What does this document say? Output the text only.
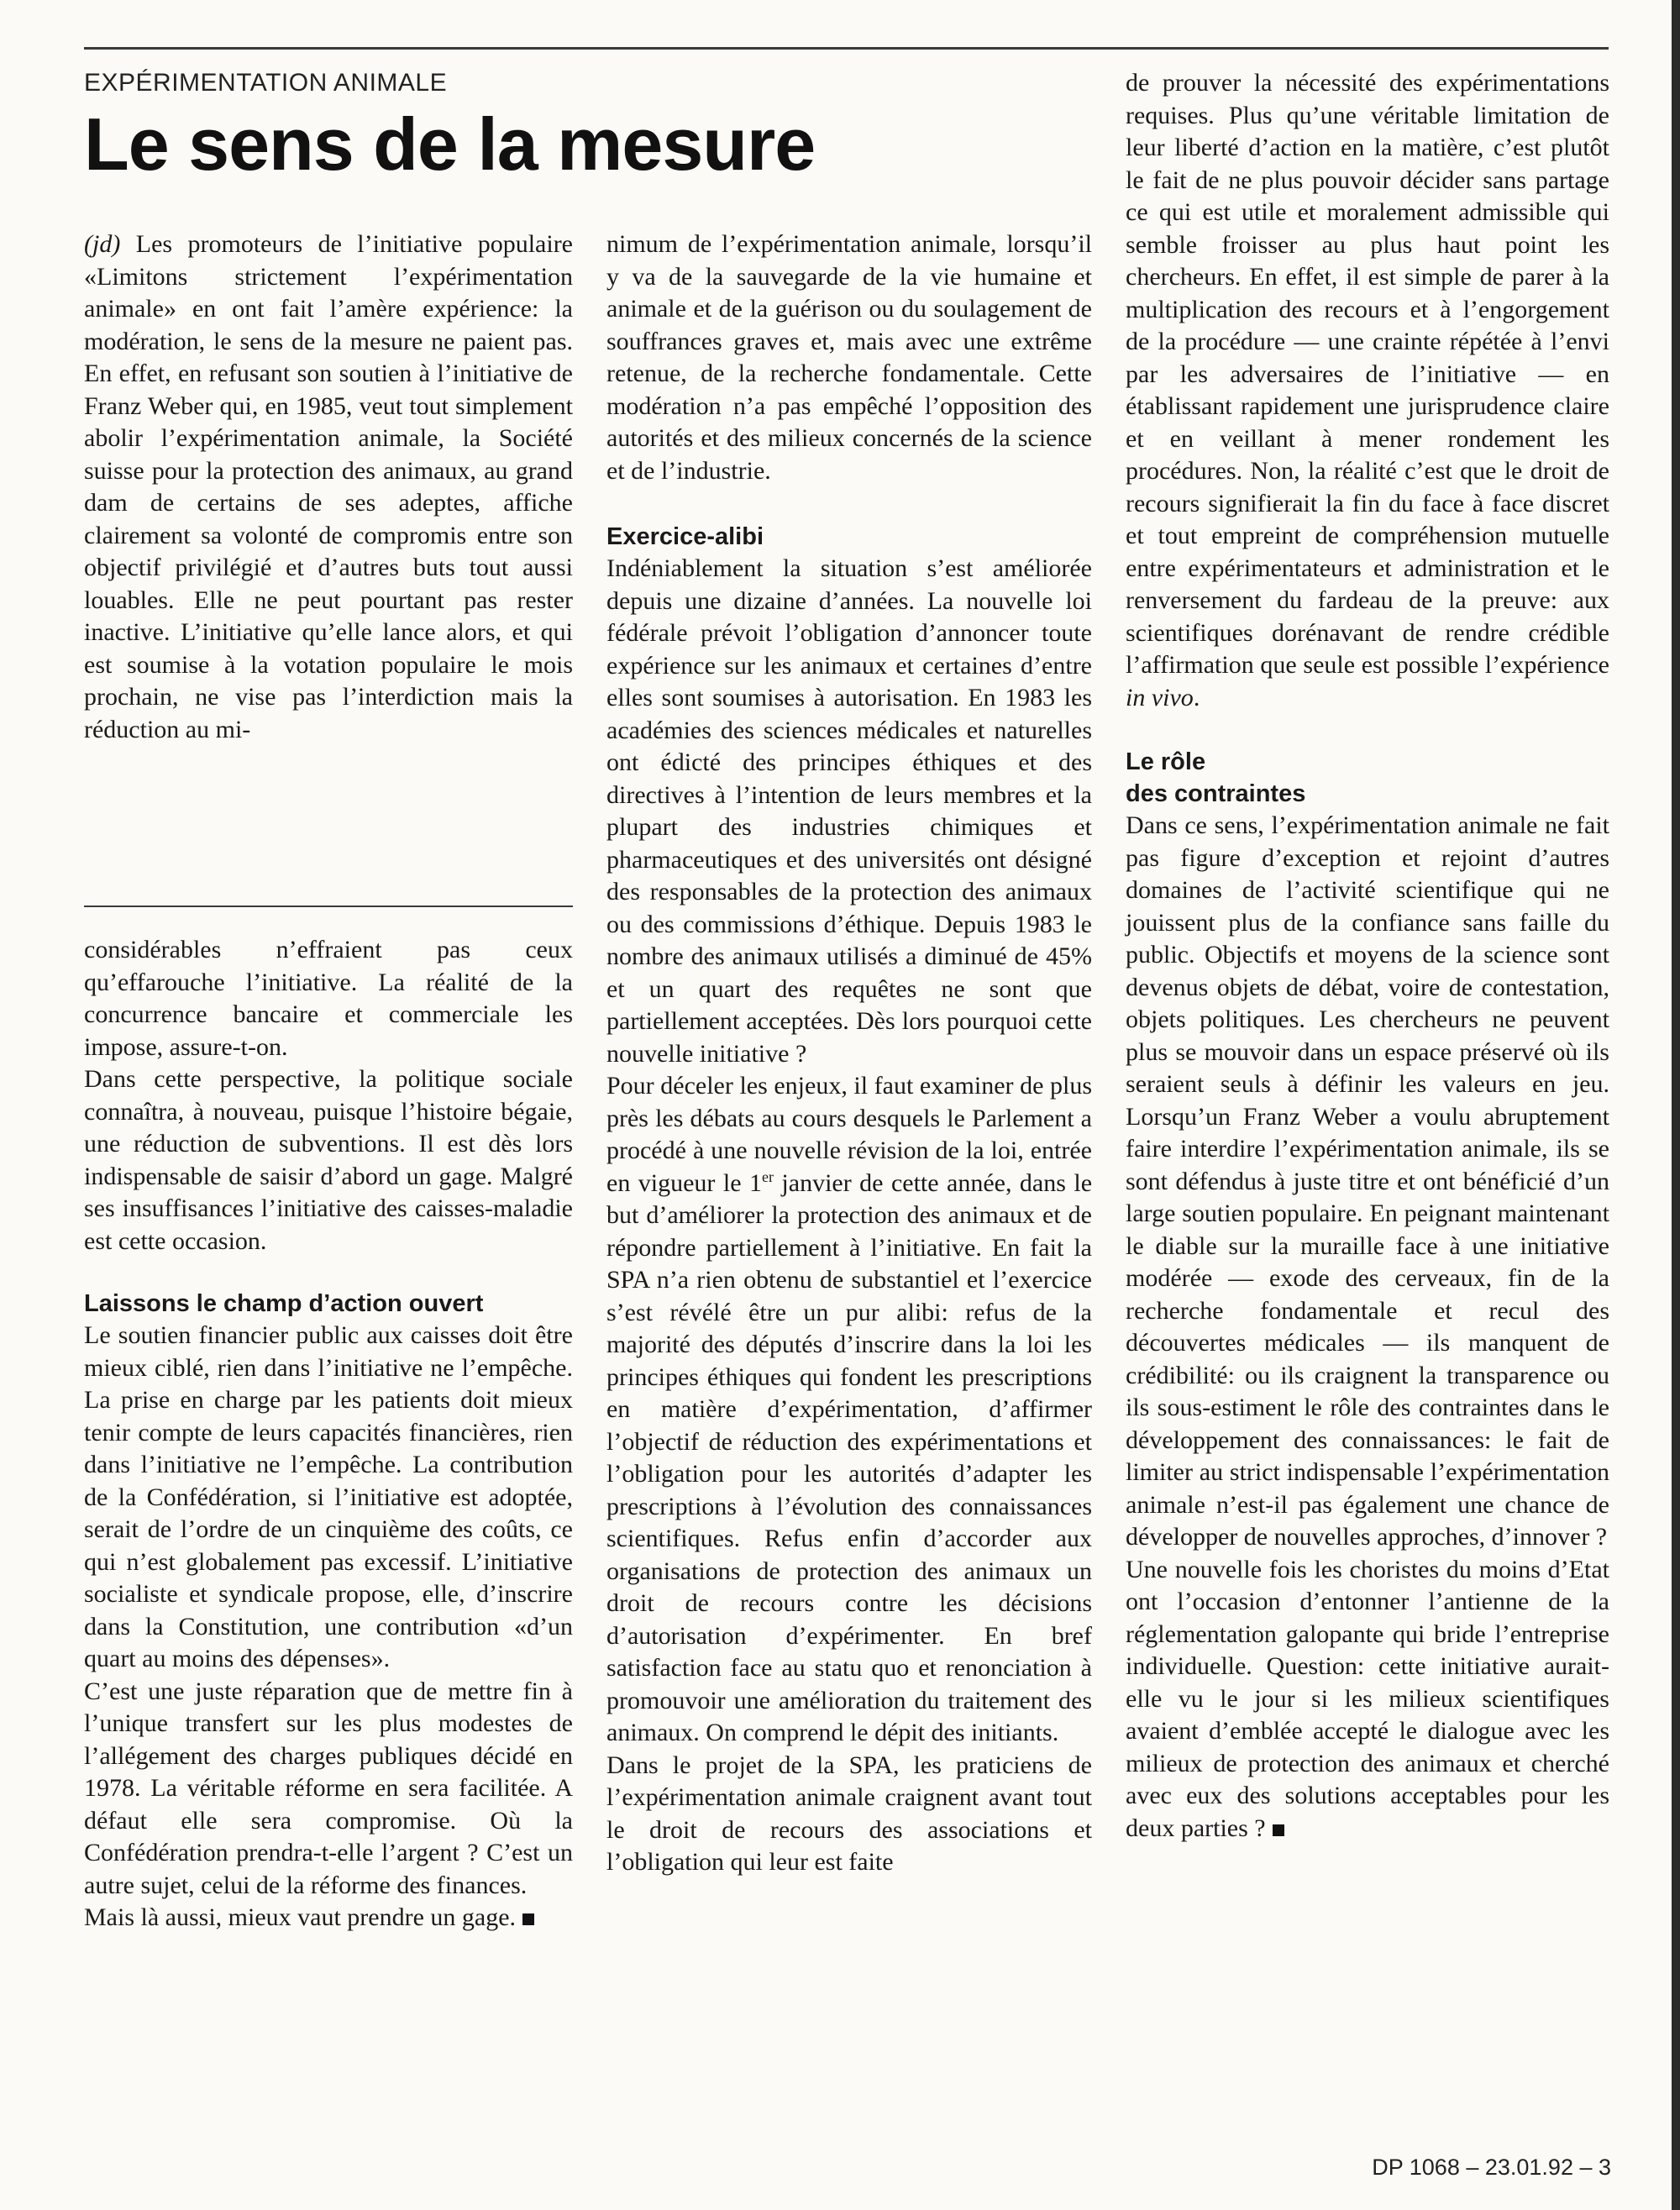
EXPÉRIMENTATION ANIMALE
Le sens de la mesure

(jd) Les promoteurs de l’initiative populaire «Limitons strictement l’expérimentation animale» en ont fait l’amère expérience: la modération, le sens de la mesure ne paient pas. En effet, en refusant son soutien à l’initiative de Franz Weber qui, en 1985, veut tout simplement abolir l’expérimentation animale, la Société suisse pour la protection des animaux, au grand dam de certains de ses adeptes, affiche clairement sa volonté de compromis entre son objectif privilégié et d’autres buts tout aussi louables. Elle ne peut pourtant pas rester inactive. L’initiative qu’elle lance alors, et qui est soumise à la votation populaire le mois prochain, ne vise pas l’interdiction mais la réduction au mi-

considérables n’effraient pas ceux qu’effarouche l’initiative. La réalité de la concurrence bancaire et commerciale les impose, assure-t-on.

Dans cette perspective, la politique sociale connaîtra, à nouveau, puisque l’histoire bégaie, une réduction de subventions. Il est dès lors indispensable de saisir d’abord un gage. Malgré ses insuffisances l’initiative des caisses-maladie est cette occasion.

Laissons le champ d’action ouvert

Le soutien financier public aux caisses doit être mieux ciblé, rien dans l’initiative ne l’empêche. La prise en charge par les patients doit mieux tenir compte de leurs capacités financières, rien dans l’initiative ne l’empêche. La contribution de la Confédération, si l’initiative est adoptée, serait de l’ordre de un cinquième des coûts, ce qui n’est globalement pas excessif. L’initiative socialiste et syndicale propose, elle, d’inscrire dans la Constitution, une contribution «d’un quart au moins des dépenses».

C’est une juste réparation que de mettre fin à l’unique transfert sur les plus modestes de l’allégement des charges publiques décidé en 1978. La véritable réforme en sera facilitée. A défaut elle sera compromise. Où la Confédération prendra-t-elle l’argent ? C’est un autre sujet, celui de la réforme des finances.

Mais là aussi, mieux vaut prendre un gage.

nimum de l’expérimentation animale, lorsqu’il y va de la sauvegarde de la vie humaine et animale et de la guérison ou du soulagement de souffrances graves et, mais avec une extrême retenue, de la recherche fondamentale. Cette modération n’a pas empêché l’opposition des autorités et des milieux concernés de la science et de l’industrie.

Exercice-alibi

Indéniablement la situation s’est améliorée depuis une dizaine d’années. La nouvelle loi fédérale prévoit l’obligation d’annoncer toute expérience sur les animaux et certaines d’entre elles sont soumises à autorisation. En 1983 les académies des sciences médicales et naturelles ont édicté des principes éthiques et des directives à l’intention de leurs membres et la plupart des industries chimiques et pharmaceutiques et des universités ont désigné des responsables de la protection des animaux ou des commissions d’éthique. Depuis 1983 le nombre des animaux utilisés a diminué de 45% et un quart des requêtes ne sont que partiellement acceptées. Dès lors pourquoi cette nouvelle initiative ?

Pour déceler les enjeux, il faut examiner de plus près les débats au cours desquels le Parlement a procédé à une nouvelle révision de la loi, entrée en vigueur le 1er janvier de cette année, dans le but d’améliorer la protection des animaux et de répondre partiellement à l’initiative. En fait la SPA n’a rien obtenu de substantiel et l’exercice s’est révélé être un pur alibi: refus de la majorité des députés d’inscrire dans la loi les principes éthiques qui fondent les prescriptions en matière d’expérimentation, d’affirmer l’objectif de réduction des expérimentations et l’obligation pour les autorités d’adapter les prescriptions à l’évolution des connaissances scientifiques. Refus enfin d’accorder aux organisations de protection des animaux un droit de recours contre les décisions d’autorisation d’expérimenter. En bref satisfaction face au statu quo et renonciation à promouvoir une amélioration du traitement des animaux. On comprend le dépit des initiants.

Dans le projet de la SPA, les praticiens de l’expérimentation animale craignent avant tout le droit de recours des associations et l’obligation qui leur est faite

de prouver la nécessité des expérimentations requises. Plus qu’une véritable limitation de leur liberté d’action en la matière, c’est plutôt le fait de ne plus pouvoir décider sans partage ce qui est utile et moralement admissible qui semble froisser au plus haut point les chercheurs. En effet, il est simple de parer à la multiplication des recours et à l’engorgement de la procédure — une crainte répétée à l’envi par les adversaires de l’initiative — en établissant rapidement une jurisprudence claire et en veillant à mener rondement les procédures. Non, la réalité c’est que le droit de recours signifierait la fin du face à face discret et tout empreint de compréhension mutuelle entre expérimentateurs et administration et le renversement du fardeau de la preuve: aux scientifiques dorénavant de rendre crédible l’affirmation que seule est possible l’expérience in vivo.

Le rôle

des contraintes

Dans ce sens, l’expérimentation animale ne fait pas figure d’exception et rejoint d’autres domaines de l’activité scientifique qui ne jouissent plus de la confiance sans faille du public. Objectifs et moyens de la science sont devenus objets de débat, voire de contestation, objets politiques. Les chercheurs ne peuvent plus se mouvoir dans un espace préservé où ils seraient seuls à définir les valeurs en jeu. Lorsqu’un Franz Weber a voulu abruptement faire interdire l’expérimentation animale, ils se sont défendus à juste titre et ont bénéficié d’un large soutien populaire. En peignant maintenant le diable sur la muraille face à une initiative modérée — exode des cerveaux, fin de la recherche fondamentale et recul des découvertes médicales — ils manquent de crédibilité: ou ils craignent la transparence ou ils sous-estiment le rôle des contraintes dans le développement des connaissances: le fait de limiter au strict indispensable l’expérimentation animale n’est-il pas également une chance de développer de nouvelles approches, d’innover ?

Une nouvelle fois les choristes du moins d’Etat ont l’occasion d’entonner l’antienne de la réglementation galopante qui bride l’entreprise individuelle. Question: cette initiative aurait-elle vu le jour si les milieux scientifiques avaient d’emblée accepté le dialogue avec les milieux de protection des animaux et cherché avec eux des solutions acceptables pour les deux parties ?

DP 1068 – 23.01.92 – 3
